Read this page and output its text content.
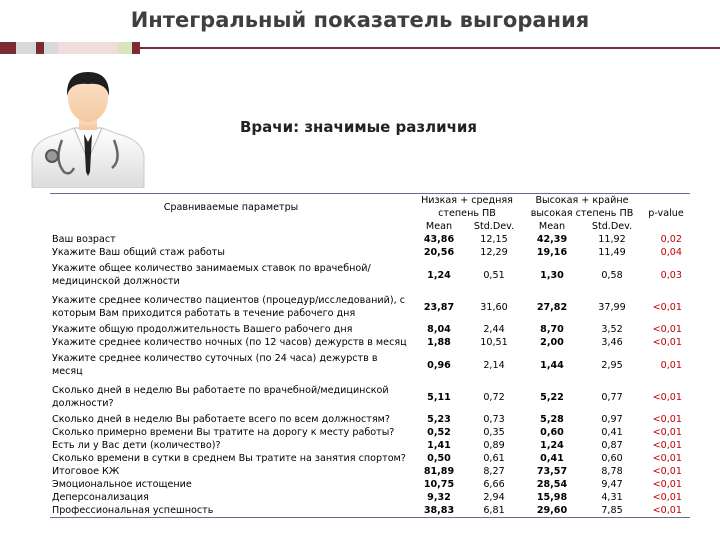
Интегральный показатель выгорания
Врачи: значимые различия
Сравниваемые параметры	Низкая + средняя		Высокая + крайне		
	степень ПВ		высокая степень ПВ		p-value
	Mean	Std.Dev.	Mean	Std.Dev.	
Ваш возраст	43,86	12,15	42,39	11,92	0,02
Укажите Ваш общий стаж работы	20,56	12,29	19,16	11,49	0,04
Укажите общее количество занимаемых ставок по врачебной/медицинской должности	1,24	0,51	1,30	0,58	0,03
Укажите среднее количество пациентов (процедур/исследований), с которым Вам приходится работать в течение рабочего дня	23,87	31,60	27,82	37,99	<0,01
Укажите общую продолжительность Вашего рабочего дня	8,04	2,44	8,70	3,52	<0,01
Укажите среднее количество ночных (по 12 часов) дежурств в месяц	1,88	10,51	2,00	3,46	<0,01
Укажите среднее количество суточных (по 24 часа) дежурств в месяц	0,96	2,14	1,44	2,95	0,01
Сколько дней в неделю Вы работаете по врачебной/медицинской должности?	5,11	0,72	5,22	0,77	<0,01
Сколько дней в неделю Вы работаете всего по всем должностям?	5,23	0,73	5,28	0,97	<0,01
Сколько примерно времени Вы тратите на дорогу к месту работы?	0,52	0,35	0,60	0,41	<0,01
Есть ли у Вас дети (количество)?	1,41	0,89	1,24	0,87	<0,01
Сколько времени в сутки в среднем Вы тратите на занятия спортом?	0,50	0,61	0,41	0,60	<0,01
Итоговое КЖ	81,89	8,27	73,57	8,78	<0,01
Эмоциональное истощение	10,75	6,66	28,54	9,47	<0,01
Деперсонализация	9,32	2,94	15,98	4,31	<0,01
Профессиональная успешность	38,83	6,81	29,60	7,85	<0,01
